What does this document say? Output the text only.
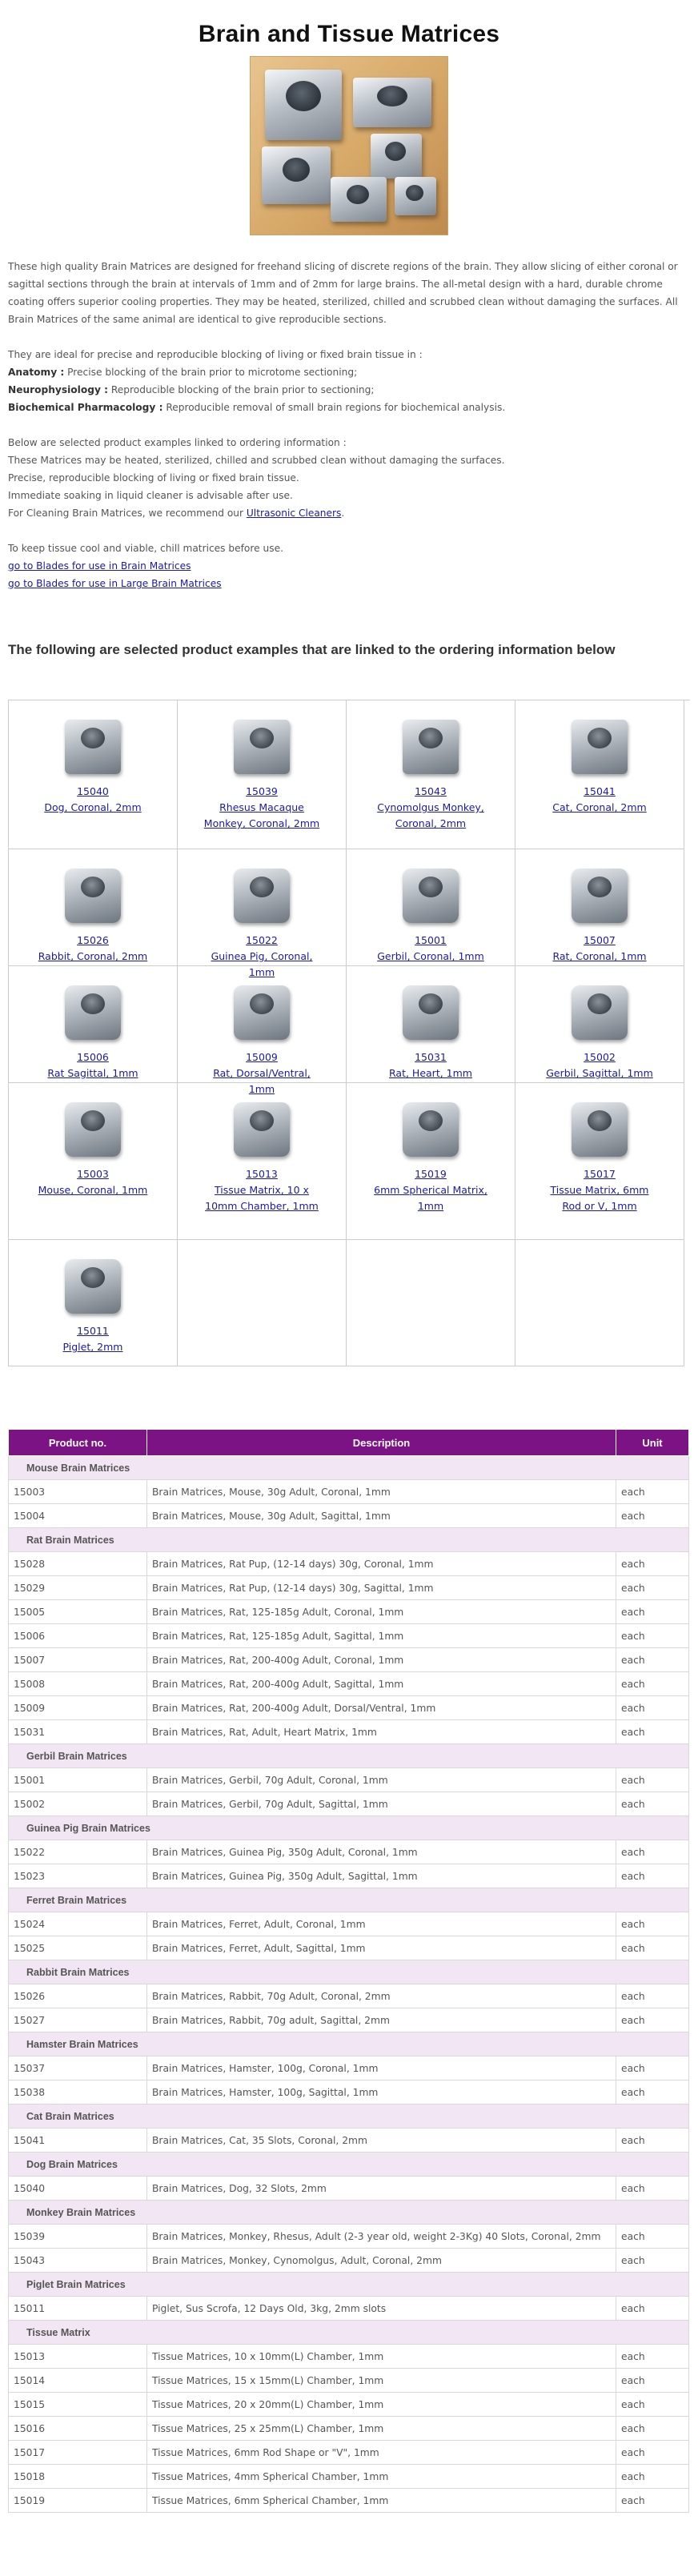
Brain and Tissue Matrices

These high quality Brain Matrices are designed for freehand slicing of discrete regions of the brain. They allow slicing of either coronal or sagittal sections through the brain at intervals of 1mm and of 2mm for large brains. The all-metal design with a hard, durable chrome coating offers superior cooling properties. They may be heated, sterilized, chilled and scrubbed clean without damaging the surfaces. All Brain Matrices of the same animal are identical to give reproducible sections.

They are ideal for precise and reproducible blocking of living or fixed brain tissue in :

Anatomy : Precise blocking of the brain prior to microtome sectioning;

Neurophysiology : Reproducible blocking of the brain prior to sectioning;

Biochemical Pharmacology : Reproducible removal of small brain regions for biochemical analysis.

Below are selected product examples linked to ordering information :

These Matrices may be heated, sterilized, chilled and scrubbed clean without damaging the surfaces.

Precise, reproducible blocking of living or fixed brain tissue.

Immediate soaking in liquid cleaner is advisable after use.

For Cleaning Brain Matrices, we recommend our Ultrasonic Cleaners.

To keep tissue cool and viable, chill matrices before use.

go to Blades for use in Brain Matrices

go to Blades for use in Large Brain Matrices

The following are selected product examples that are linked to the ordering information below
15040
Dog, Coronal, 2mm
15039
Rhesus Macaque Monkey, Coronal, 2mm
15043
Cynomolgus Monkey, Coronal, 2mm
15041
Cat, Coronal, 2mm
15026
Rabbit, Coronal, 2mm
15022
Guinea Pig, Coronal, 1mm
15001
Gerbil, Coronal, 1mm
15007
Rat, Coronal, 1mm
15006
Rat Sagittal, 1mm
15009
Rat, Dorsal/Ventral, 1mm
15031
Rat, Heart, 1mm
15002
Gerbil, Sagittal, 1mm
15003
Mouse, Coronal, 1mm
15013
Tissue Matrix, 10 x 10mm Chamber, 1mm
15019
6mm Spherical Matrix, 1mm
15017
Tissue Matrix, 6mm Rod or V, 1mm
15011
Piglet, 2mm
Product no.	Description	Unit
Mouse Brain Matrices		
15003	Brain Matrices, Mouse, 30g Adult, Coronal, 1mm	each
15004	Brain Matrices, Mouse, 30g Adult, Sagittal, 1mm	each
Rat Brain Matrices		
15028	Brain Matrices, Rat Pup, (12-14 days) 30g, Coronal, 1mm	each
15029	Brain Matrices, Rat Pup, (12-14 days) 30g, Sagittal, 1mm	each
15005	Brain Matrices, Rat, 125-185g Adult, Coronal, 1mm	each
15006	Brain Matrices, Rat, 125-185g Adult, Sagittal, 1mm	each
15007	Brain Matrices, Rat, 200-400g Adult, Coronal, 1mm	each
15008	Brain Matrices, Rat, 200-400g Adult, Sagittal, 1mm	each
15009	Brain Matrices, Rat, 200-400g Adult, Dorsal/Ventral, 1mm	each
15031	Brain Matrices, Rat, Adult, Heart Matrix, 1mm	each
Gerbil Brain Matrices		
15001	Brain Matrices, Gerbil, 70g Adult, Coronal, 1mm	each
15002	Brain Matrices, Gerbil, 70g Adult, Sagittal, 1mm	each
Guinea Pig Brain Matrices		
15022	Brain Matrices, Guinea Pig, 350g Adult, Coronal, 1mm	each
15023	Brain Matrices, Guinea Pig, 350g Adult, Sagittal, 1mm	each
Ferret Brain Matrices		
15024	Brain Matrices, Ferret, Adult, Coronal, 1mm	each
15025	Brain Matrices, Ferret, Adult, Sagittal, 1mm	each
Rabbit Brain Matrices		
15026	Brain Matrices, Rabbit, 70g Adult, Coronal, 2mm	each
15027	Brain Matrices, Rabbit, 70g adult, Sagittal, 2mm	each
Hamster Brain Matrices		
15037	Brain Matrices, Hamster, 100g, Coronal, 1mm	each
15038	Brain Matrices, Hamster, 100g, Sagittal, 1mm	each
Cat Brain Matrices		
15041	Brain Matrices, Cat, 35 Slots, Coronal, 2mm	each
Dog Brain Matrices		
15040	Brain Matrices, Dog, 32 Slots, 2mm	each
Monkey Brain Matrices		
15039	Brain Matrices, Monkey, Rhesus, Adult (2-3 year old, weight 2-3Kg) 40 Slots, Coronal, 2mm	each
15043	Brain Matrices, Monkey, Cynomolgus, Adult, Coronal, 2mm	each
Piglet Brain Matrices		
15011	Piglet, Sus Scrofa, 12 Days Old, 3kg, 2mm slots	each
Tissue Matrix		
15013	Tissue Matrices, 10 x 10mm(L) Chamber, 1mm	each
15014	Tissue Matrices, 15 x 15mm(L) Chamber, 1mm	each
15015	Tissue Matrices, 20 x 20mm(L) Chamber, 1mm	each
15016	Tissue Matrices, 25 x 25mm(L) Chamber, 1mm	each
15017	Tissue Matrices, 6mm Rod Shape or "V", 1mm	each
15018	Tissue Matrices, 4mm Spherical Chamber, 1mm	each
15019	Tissue Matrices, 6mm Spherical Chamber, 1mm	each
